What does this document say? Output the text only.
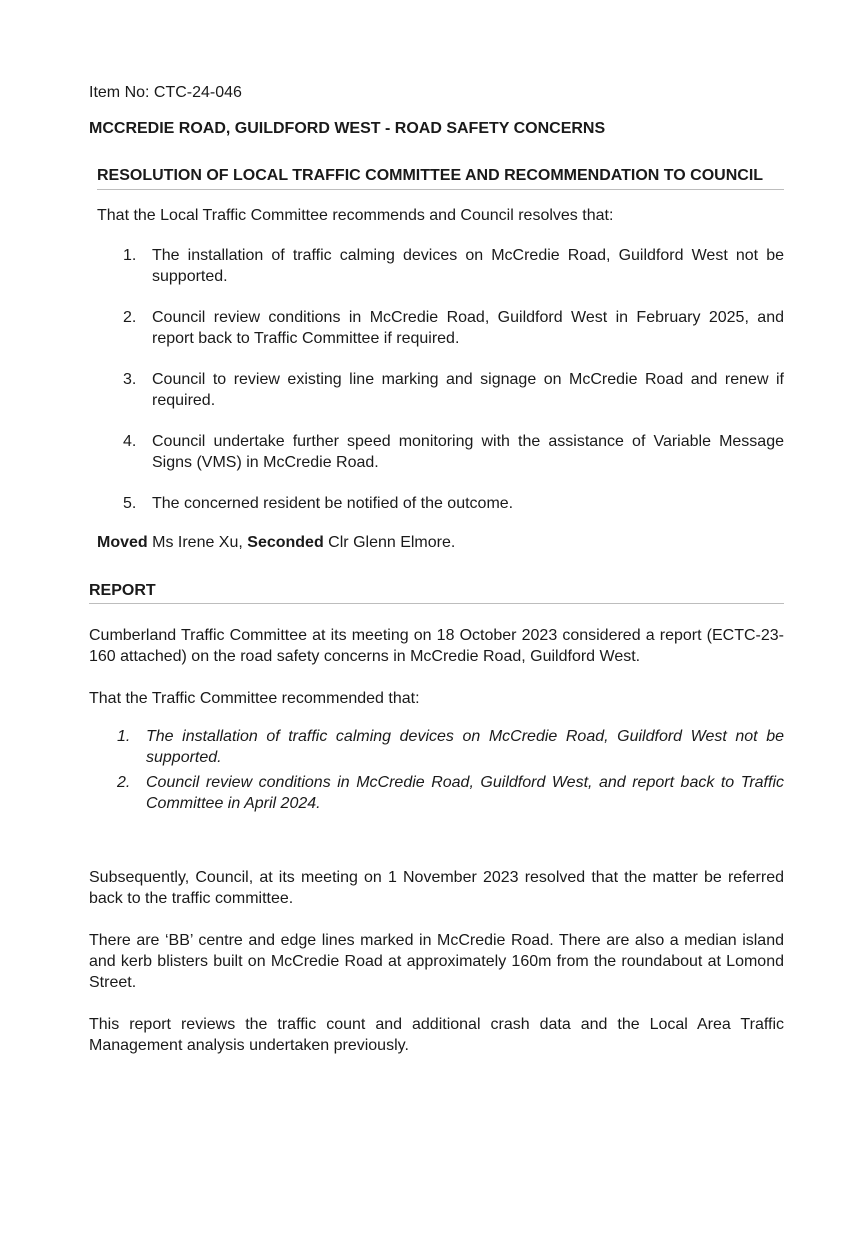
Item No: CTC-24-046
MCCREDIE ROAD, GUILDFORD WEST - ROAD SAFETY CONCERNS
RESOLUTION OF LOCAL TRAFFIC COMMITTEE AND RECOMMENDATION TO COUNCIL
That the Local Traffic Committee recommends and Council resolves that:
1. The installation of traffic calming devices on McCredie Road, Guildford West not be supported.
2. Council review conditions in McCredie Road, Guildford West in February 2025, and report back to Traffic Committee if required.
3. Council to review existing line marking and signage on McCredie Road and renew if required.
4. Council undertake further speed monitoring with the assistance of Variable Message Signs (VMS) in McCredie Road.
5. The concerned resident be notified of the outcome.
Moved Ms Irene Xu, Seconded Clr Glenn Elmore.
REPORT

Cumberland Traffic Committee at its meeting on 18 October 2023 considered a report (ECTC-23-160 attached) on the road safety concerns in McCredie Road, Guildford West.

That the Traffic Committee recommended that:

1. The installation of traffic calming devices on McCredie Road, Guildford West not be supported.
2. Council review conditions in McCredie Road, Guildford West, and report back to Traffic Committee in April 2024.

Subsequently, Council, at its meeting on 1 November 2023 resolved that the matter be referred back to the traffic committee.

There are ‘BB’ centre and edge lines marked in McCredie Road. There are also a median island and kerb blisters built on McCredie Road at approximately 160m from the roundabout at Lomond Street.

This report reviews the traffic count and additional crash data and the Local Area Traffic Management analysis undertaken previously.
